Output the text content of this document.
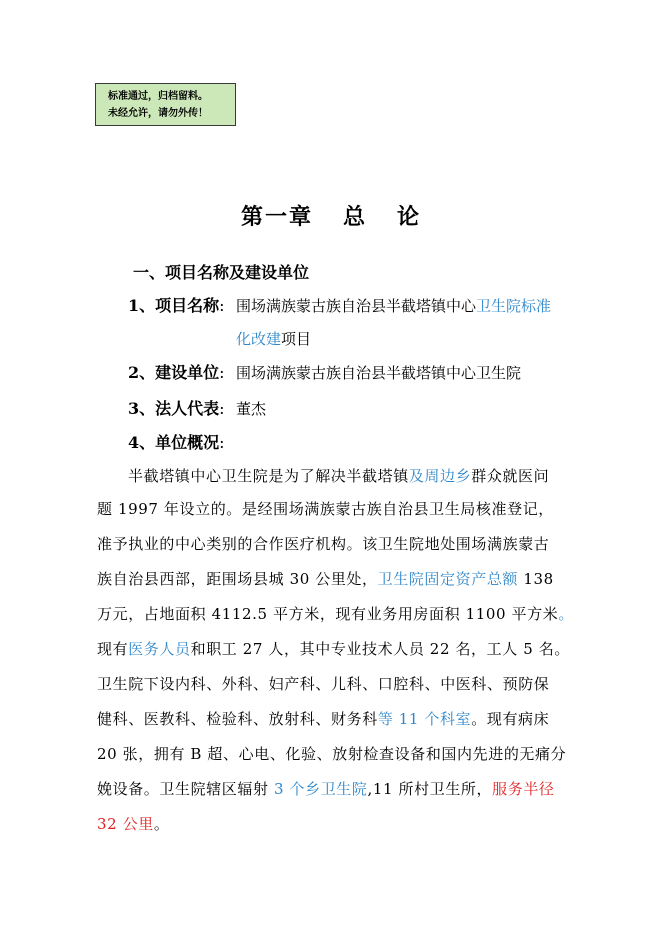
标准通过，归档留料。
未经允许，请勿外传！
第一章 总 论
一、项目名称及建设单位
1、项目名称: 围场满族蒙古族自治县半截塔镇中心卫生院标准
化改建项目
2、建设单位: 围场满族蒙古族自治县半截塔镇中心卫生院
3、法人代表: 董杰
4、单位概况:
半截塔镇中心卫生院是为了解决半截塔镇及周边乡群众就医问
题 1997 年设立的。是经围场满族蒙古族自治县卫生局核准登记，
准予执业的中心类别的合作医疗机构。该卫生院地处围场满族蒙古
族自治县西部，距围场县城 30 公里处，卫生院固定资产总额 138
万元，占地面积 4112.5 平方米，现有业务用房面积 1100 平方米。
现有医务人员和职工 27 人，其中专业技术人员 22 名，工人 5 名。
卫生院下设内科、外科、妇产科、儿科、口腔科、中医科、预防保
健科、医教科、检验科、放射科、财务科等 11 个科室。现有病床
20 张，拥有 B 超、心电、化验、放射检查设备和国内先进的无痛分
娩设备。卫生院辖区辐射 3 个乡卫生院,11 所村卫生所，服务半径
32 公里。
